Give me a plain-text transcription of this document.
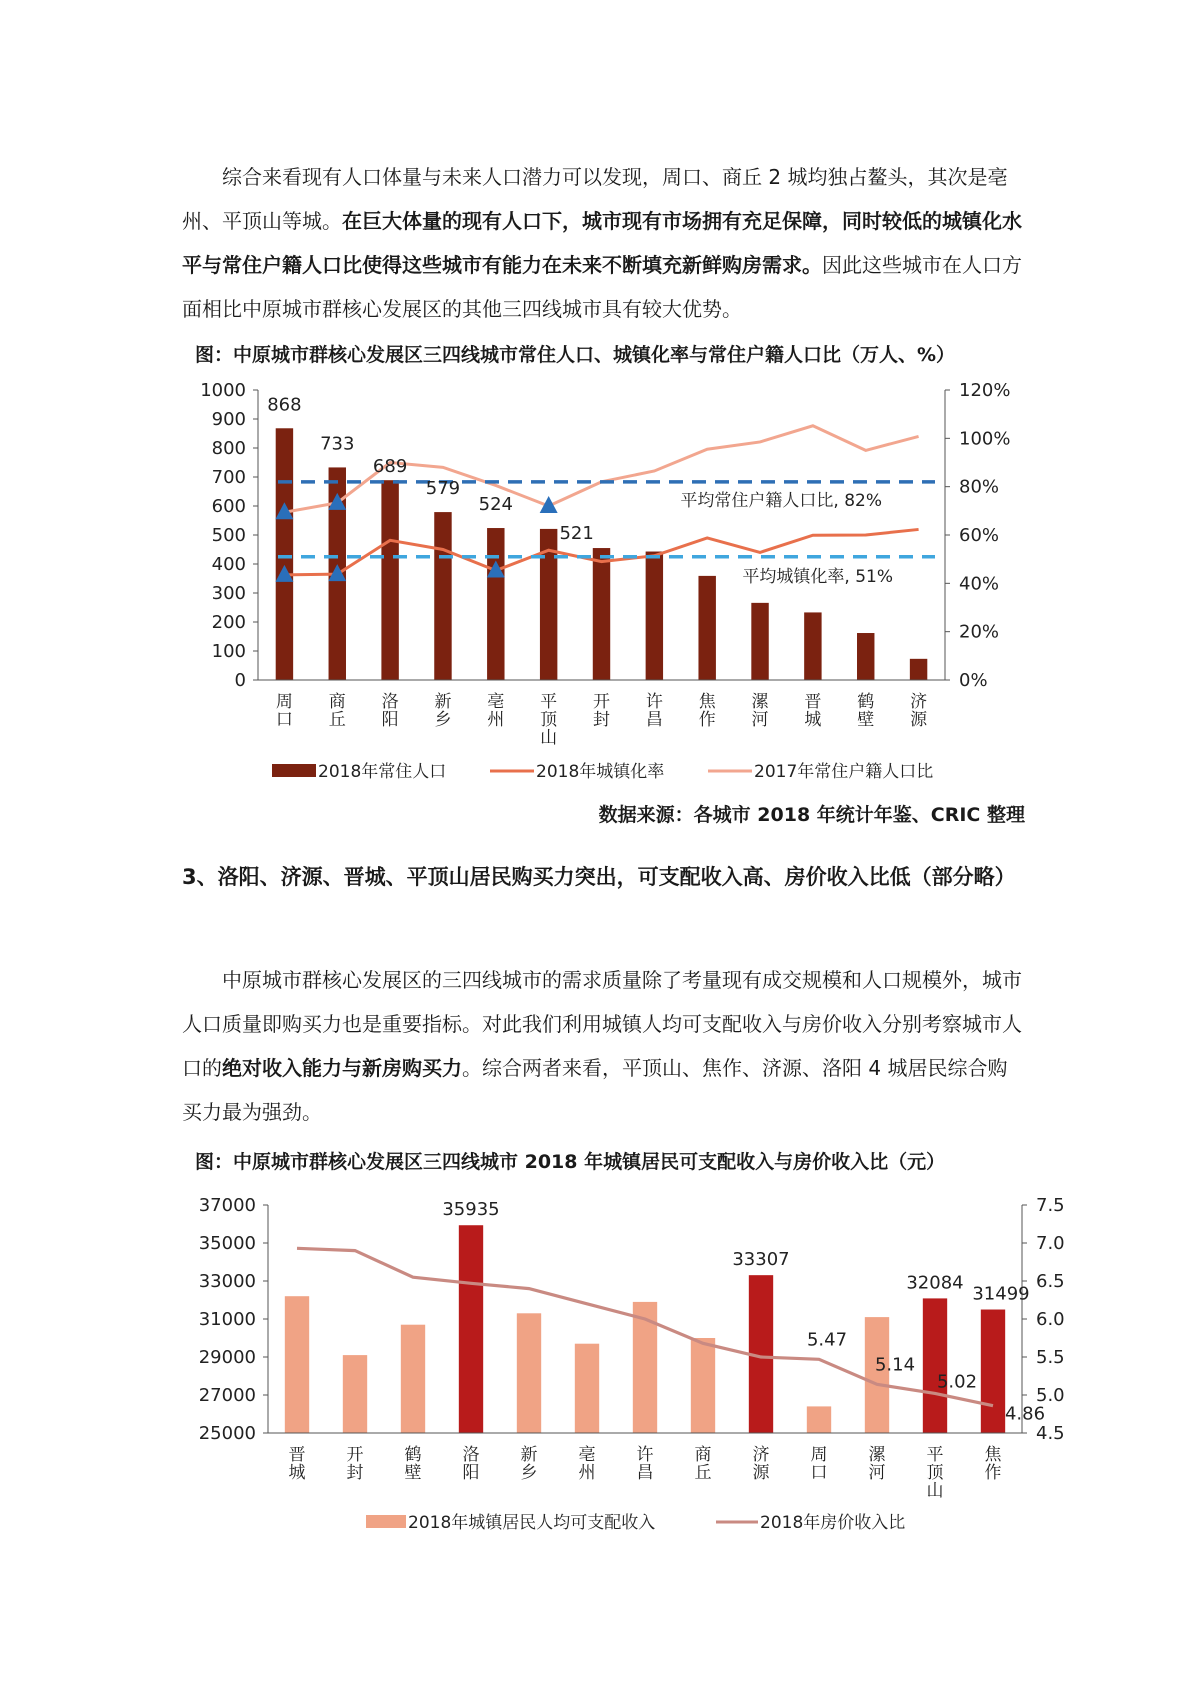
综合来看现有人口体量与未来人口潜力可以发现，周口、商丘 2 城均独占鳌头，其次是亳州、平顶山等城。在巨大体量的现有人口下，城市现有市场拥有充足保障，同时较低的城镇化水平与常住户籍人口比使得这些城市有能力在未来不断填充新鲜购房需求。因此这些城市在人口方面相比中原城市群核心发展区的其他三四线城市具有较大优势。

图：中原城市群核心发展区三四线城市常住人口、城镇化率与常住户籍人口比（万人、%）
平均常住户籍人口比, 82%
平均城镇化率, 51%
0
100
200
300
400
500
600
700
800
900
1000
0%
20%
40%
60%
80%
100%
120%
周
口
商
丘
洛
阳
新
乡
亳
州
平
顶
山
开
封
许
昌
焦
作
漯
河
晋
城
鹤
壁
济
源
868
733
689
579
524
521
2018年常住人口	2018年城镇化率	2017年常住户籍人口比
数据来源：各城市 2018 年统计年鉴、CRIC 整理

3、洛阳、济源、晋城、平顶山居民购买力突出，可支配收入高、房价收入比低（部分略）

中原城市群核心发展区的三四线城市的需求质量除了考量现有成交规模和人口规模外，城市人口质量即购买力也是重要指标。对此我们利用城镇人均可支配收入与房价收入分别考察城市人口的绝对收入能力与新房购买力。综合两者来看，平顶山、焦作、济源、洛阳 4 城居民综合购买力最为强劲。

图：中原城市群核心发展区三四线城市 2018 年城镇居民可支配收入与房价收入比（元）
25000
27000
29000
31000
33000
35000
37000
4.5
5.0
5.5
6.0
6.5
7.0
7.5
晋
城
开
封
鹤
壁
洛
阳
新
乡
亳
州
许
昌
商
丘
济
源
周
口
漯
河
平
顶
山
焦
作
35935
33307
32084
31499
5.47
5.14
5.02
4.86
2018年城镇居民人均可支配收入	2018年房价收入比
